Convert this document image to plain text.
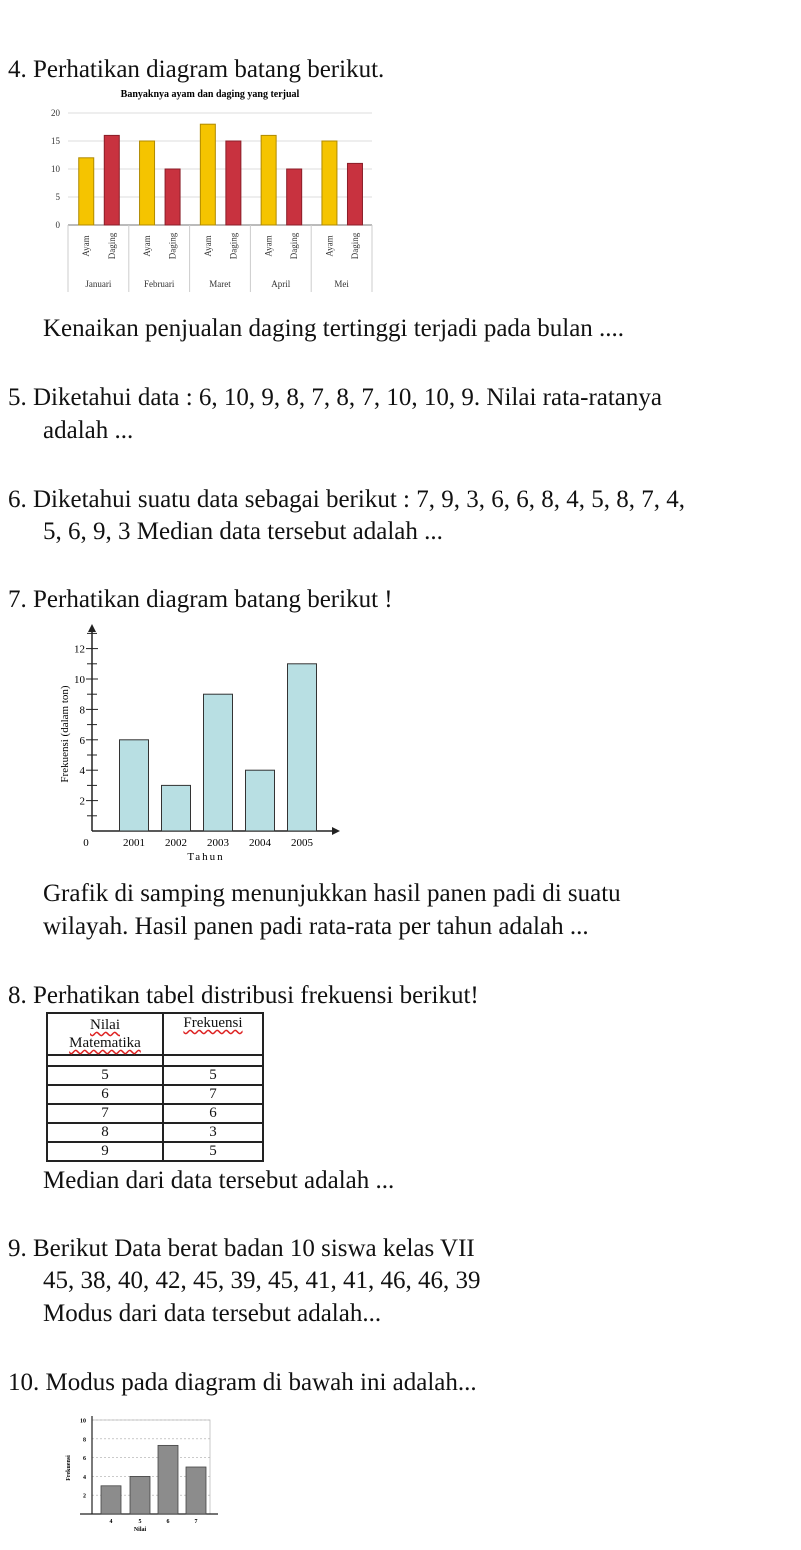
4. Perhatikan diagram batang berikut.
Banyaknya ayam dan daging yang terjual
0
5
10
15
20
Ayam Daging
Januari
Ayam Daging
Februari
Ayam Daging
Maret
Ayam Daging
April
Ayam Daging
Mei
Kenaikan penjualan daging tertinggi terjadi pada bulan ....
5. Diketahui data : 6, 10, 9, 8, 7, 8, 7, 10, 10, 9. Nilai rata-ratanya
adalah ...
6. Diketahui suatu data sebagai berikut : 7, 9, 3, 6, 6, 8, 4, 5, 8, 7, 4,
5, 6, 9, 3 Median data tersebut adalah ...
7. Perhatikan diagram batang berikut !
2
4
6
8
10
12
0
Frekuensi (dalam ton)
2001 2002 2003 2004 2005
Tahun
Grafik di samping menunjukkan hasil panen padi di suatu
wilayah. Hasil panen padi rata-rata per tahun adalah ...
8. Perhatikan tabel distribusi frekuensi berikut!
Nilai
Matematika	Frekuensi

5	5
6	7
7	6
8	3
9	5
Median dari data tersebut adalah ...
9. Berikut Data berat badan 10 siswa kelas VII
45, 38, 40, 42, 45, 39, 45, 41, 41, 46, 46, 39
Modus dari data tersebut adalah...
10. Modus pada diagram di bawah ini adalah...
2
4
6
8
10
Frekuensi
4	5	6	7
Nilai
